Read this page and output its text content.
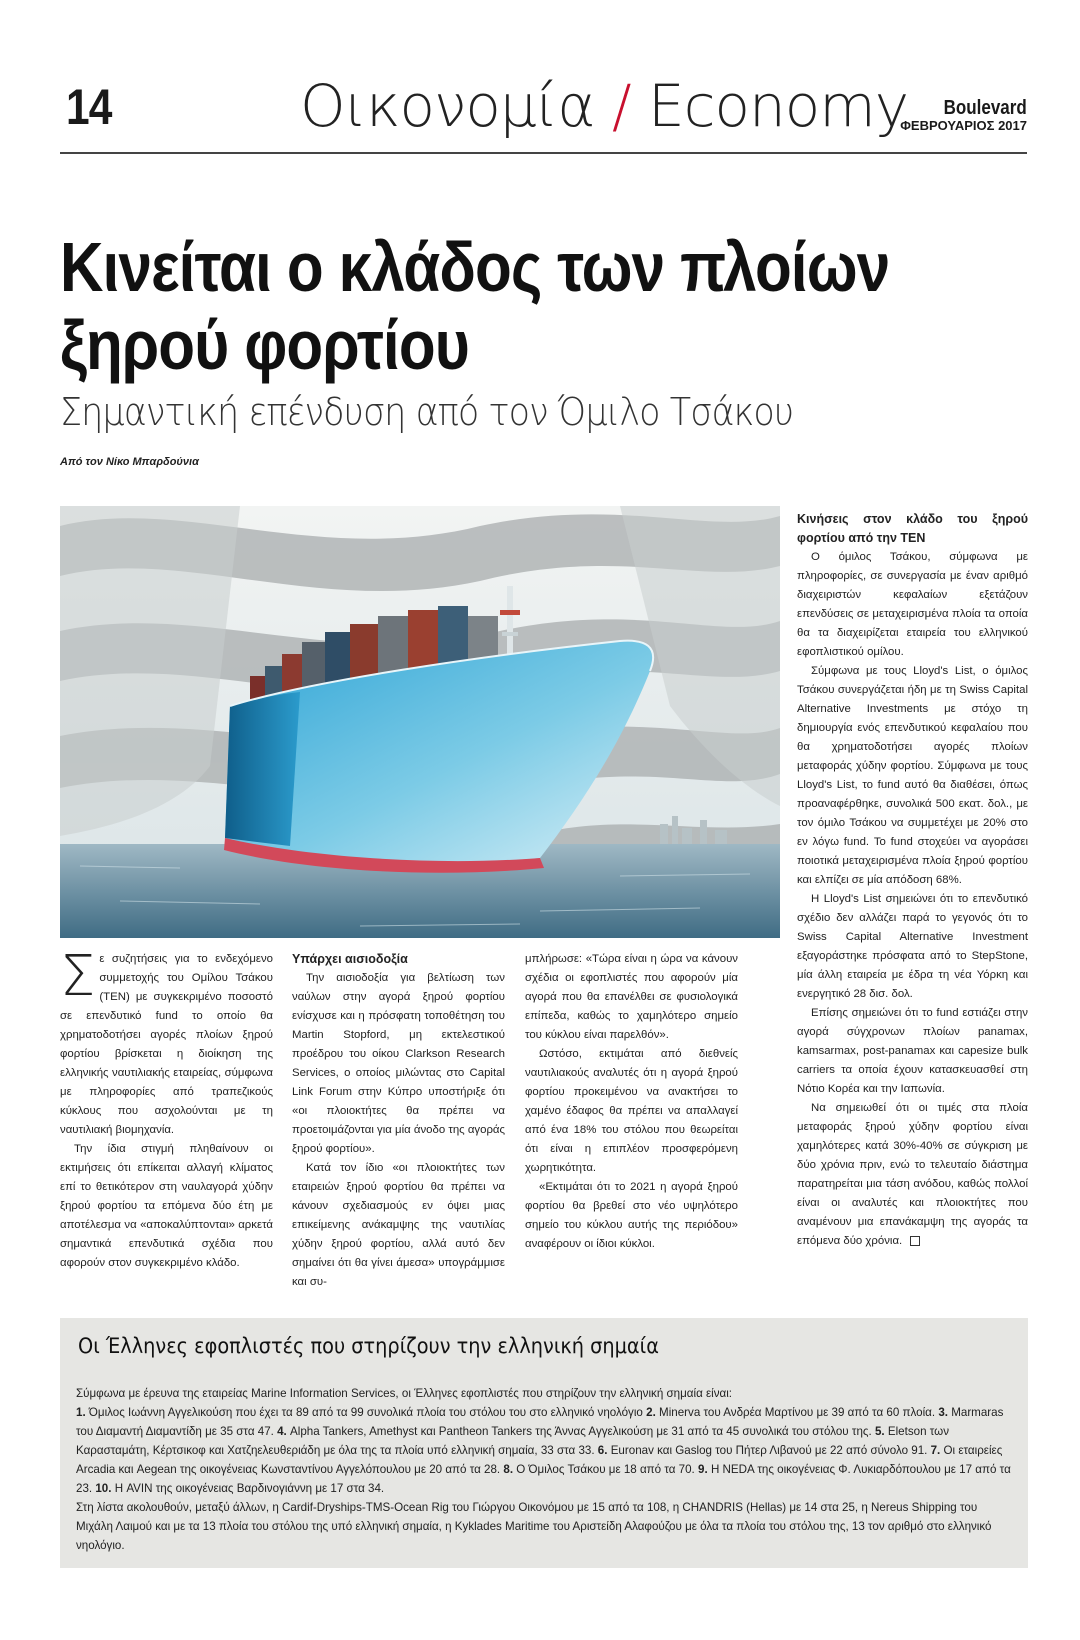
14	Οικονομία / Economy	Boulevard
ΦΕΒΡΟΥΑΡΙΟΣ 2017
Κινείται ο κλάδος των πλοίων
ξηρού φορτίου
Σημαντική επένδυση από τον Όμιλο Τσάκου
Από τον Νίκο Μπαρδούνια

Σε συζητήσεις για το ενδεχόμενο συμμετοχής του Ομίλου Τσάκου (ΤΕΝ) με συγκεκριμένο ποσοστό σε επενδυτικό fund το οποίο θα χρηματοδοτήσει αγορές πλοίων ξηρού φορτίου βρίσκεται η διοίκηση της ελληνικής ναυτιλιακής εταιρείας, σύμφωνα με πληροφορίες από τραπεζικούς κύκλους που ασχολούνται με τη ναυτιλιακή βιομηχανία.

Την ίδια στιγμή πληθαίνουν οι εκτιμήσεις ότι επίκειται αλλαγή κλίματος επί το θετικότερον στη ναυλαγορά χύδην ξηρού φορτίου τα επόμενα δύο έτη με αποτέλεσμα να «αποκαλύπτονται» αρκετά σημαντικά επενδυτικά σχέδια που αφορούν στον συγκεκριμένο κλάδο.

Υπάρχει αισιοδοξία

Την αισιοδοξία για βελτίωση των ναύλων στην αγορά ξηρού φορτίου ενίσχυσε και η πρόσφατη τοποθέτηση του Martin Stopford, μη εκτελεστικού προέδρου του οίκου Clarkson Research Services, ο οποίος μιλώντας στο Capital Link Forum στην Κύπρο υποστήριξε ότι «οι πλοιοκτήτες θα πρέπει να προετοιμάζονται για μία άνοδο της αγοράς ξηρού φορτίου».

Κατά τον ίδιο «οι πλοιοκτήτες των εταιρειών ξηρού φορτίου θα πρέπει να κάνουν σχεδιασμούς εν όψει μιας επικείμενης ανάκαμψης της ναυτιλίας χύδην ξηρού φορτίου, αλλά αυτό δεν σημαίνει ότι θα γίνει άμεσα» υπογράμμισε και συ-

μπλήρωσε: «Τώρα είναι η ώρα να κάνουν σχέδια οι εφοπλιστές που αφορούν μία αγορά που θα επανέλθει σε φυσιολογικά επίπεδα, καθώς το χαμηλότερο σημείο του κύκλου είναι παρελθόν».

Ωστόσο, εκτιμάται από διεθνείς ναυτιλιακούς αναλυτές ότι η αγορά ξηρού φορτίου προκειμένου να ανακτήσει το χαμένο έδαφος θα πρέπει να απαλλαγεί από ένα 18% του στόλου που θεωρείται ότι είναι η επιπλέον προσφερόμενη χωρητικότητα.

«Εκτιμάται ότι το 2021 η αγορά ξηρού φορτίου θα βρεθεί στο νέο υψηλότερο σημείο του κύκλου αυτής της περιόδου» αναφέρουν οι ίδιοι κύκλοι.

Κινήσεις στον κλάδο του ξηρού φορτίου από την ΤΕΝ

Ο όμιλος Τσάκου, σύμφωνα με πληροφορίες, σε συνεργασία με έναν αριθμό διαχειριστών κεφαλαίων εξετάζουν επενδύσεις σε μεταχειρισμένα πλοία τα οποία θα τα διαχειρίζεται εταιρεία του ελληνικού εφοπλιστικού ομίλου.

Σύμφωνα με τους Lloyd's List, ο όμιλος Τσάκου συνεργάζεται ήδη με τη Swiss Capital Alternative Investments με στόχο τη δημιουργία ενός επενδυτικού κεφαλαίου που θα χρηματοδοτήσει αγορές πλοίων μεταφοράς χύδην φορτίου. Σύμφωνα με τους Lloyd's List, το fund αυτό θα διαθέσει, όπως προαναφέρθηκε, συνολικά 500 εκατ. δολ., με τον όμιλο Τσάκου να συμμετέχει με 20% στο εν λόγω fund. Το fund στοχεύει να αγοράσει ποιοτικά μεταχειρισμένα πλοία ξηρού φορτίου και ελπίζει σε μία απόδοση 68%.

Η Lloyd's List σημειώνει ότι το επενδυτικό σχέδιο δεν αλλάζει παρά το γεγονός ότι το Swiss Capital Alternative Investment εξαγοράστηκε πρόσφατα από το StepStone, μία άλλη εταιρεία με έδρα τη νέα Υόρκη και ενεργητικό 28 δισ. δολ.

Επίσης σημειώνει ότι το fund εστιάζει στην αγορά σύγχρονων πλοίων panamax, kamsarmax, post-panamax και capesize bulk carriers τα οποία έχουν κατασκευασθεί στη Νότιο Κορέα και την Ιαπωνία.

Να σημειωθεί ότι οι τιμές στα πλοία μεταφοράς ξηρού χύδην φορτίου είναι χαμηλότερες κατά 30%-40% σε σύγκριση με δύο χρόνια πριν, ενώ το τελευταίο διάστημα παρατηρείται μια τάση ανόδου, καθώς πολλοί είναι οι αναλυτές και πλοιοκτήτες που αναμένουν μια επανάκαμψη της αγοράς τα επόμενα δύο χρόνια.

Οι Έλληνες εφοπλιστές που στηρίζουν την ελληνική σημαία

Σύμφωνα με έρευνα της εταιρείας Marine Information Services, οι Έλληνες εφοπλιστές που στηρίζουν την ελληνική σημαία είναι:

1. Όμιλος Ιωάννη Αγγελικούση που έχει τα 89 από τα 99 συνολικά πλοία του στόλου του στο ελληνικό νηολόγιο 2. Minerva του Ανδρέα Μαρτίνου με 39 από τα 60 πλοία. 3. Marmaras του Διαμαντή Διαμαντίδη με 35 στα 47. 4. Alpha Tankers, Amethyst και Pantheon Tankers της Άννας Αγγελικούση με 31 από τα 45 συνολικά του στόλου της. 5. Eletson των Καρασταμάτη, Κέρτσικοφ και Χατζηελευθεριάδη με όλα της τα πλοία υπό ελληνική σημαία, 33 στα 33. 6. Euronav και Gaslog του Πήτερ Λιβανού με 22 από σύνολο 91. 7. Οι εταιρείες Arcadia και Aegean της οικογένειας Κωνσταντίνου Αγγελόπουλου με 20 από τα 28. 8. Ο Όμιλος Τσάκου με 18 από τα 70. 9. Η NEDA της οικογένειας Φ. Λυκιαρδόπουλου με 17 από τα 23. 10. Η AVIN της οικογένειας Βαρδινογιάννη με 17 στα 34.

Στη λίστα ακολουθούν, μεταξύ άλλων, η Cardif-Dryships-TMS-Ocean Rig του Γιώργου Οικονόμου με 15 από τα 108, η CHANDRIS (Hellas) με 14 στα 25, η Nereus Shipping του Μιχάλη Λαιμού και με τα 13 πλοία του στόλου της υπό ελληνική σημαία, η Kyklades Maritime του Αριστείδη Αλαφούζου με όλα τα πλοία του στόλου της, 13 τον αριθμό στο ελληνικό νηολόγιο.
